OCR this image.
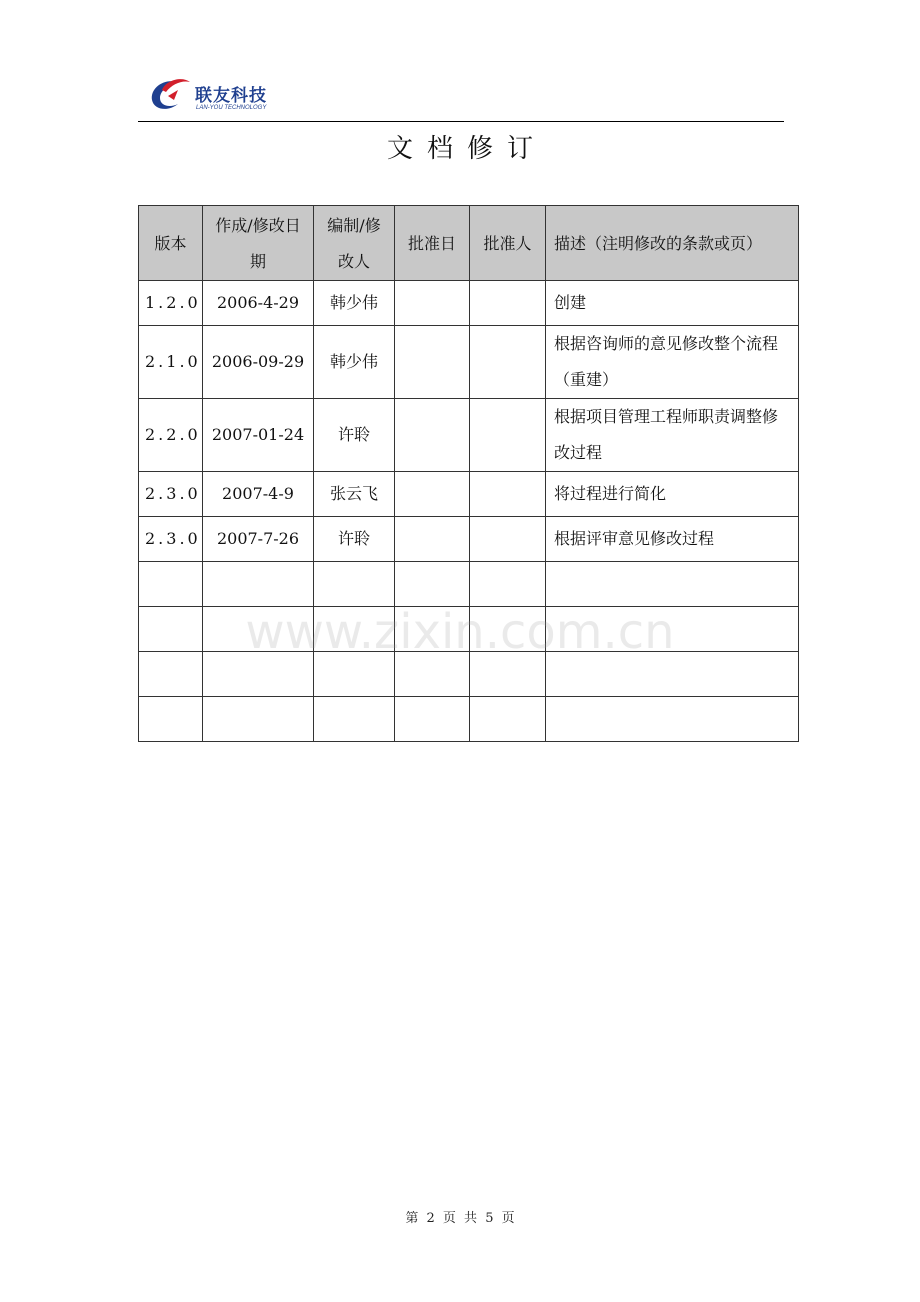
联友科技
LAN-YOU TECHNOLOGY
文档修订
版本	作成/修改日期	编制/修改人	批准日	批准人	描述（注明修改的条款或页）
1.2.0	2006-4-29	韩少伟			创建
2.1.0	2006-09-29	韩少伟			根据咨询师的意见修改整个流程（重建）
2.2.0	2007-01-24	许聆			根据项目管理工程师职责调整修改过程
2.3.0	2007-4-9	张云飞			将过程进行简化
2.3.0	2007-7-26	许聆			根据评审意见修改过程

www.zixin.com.cn
第 2 页 共 5 页
